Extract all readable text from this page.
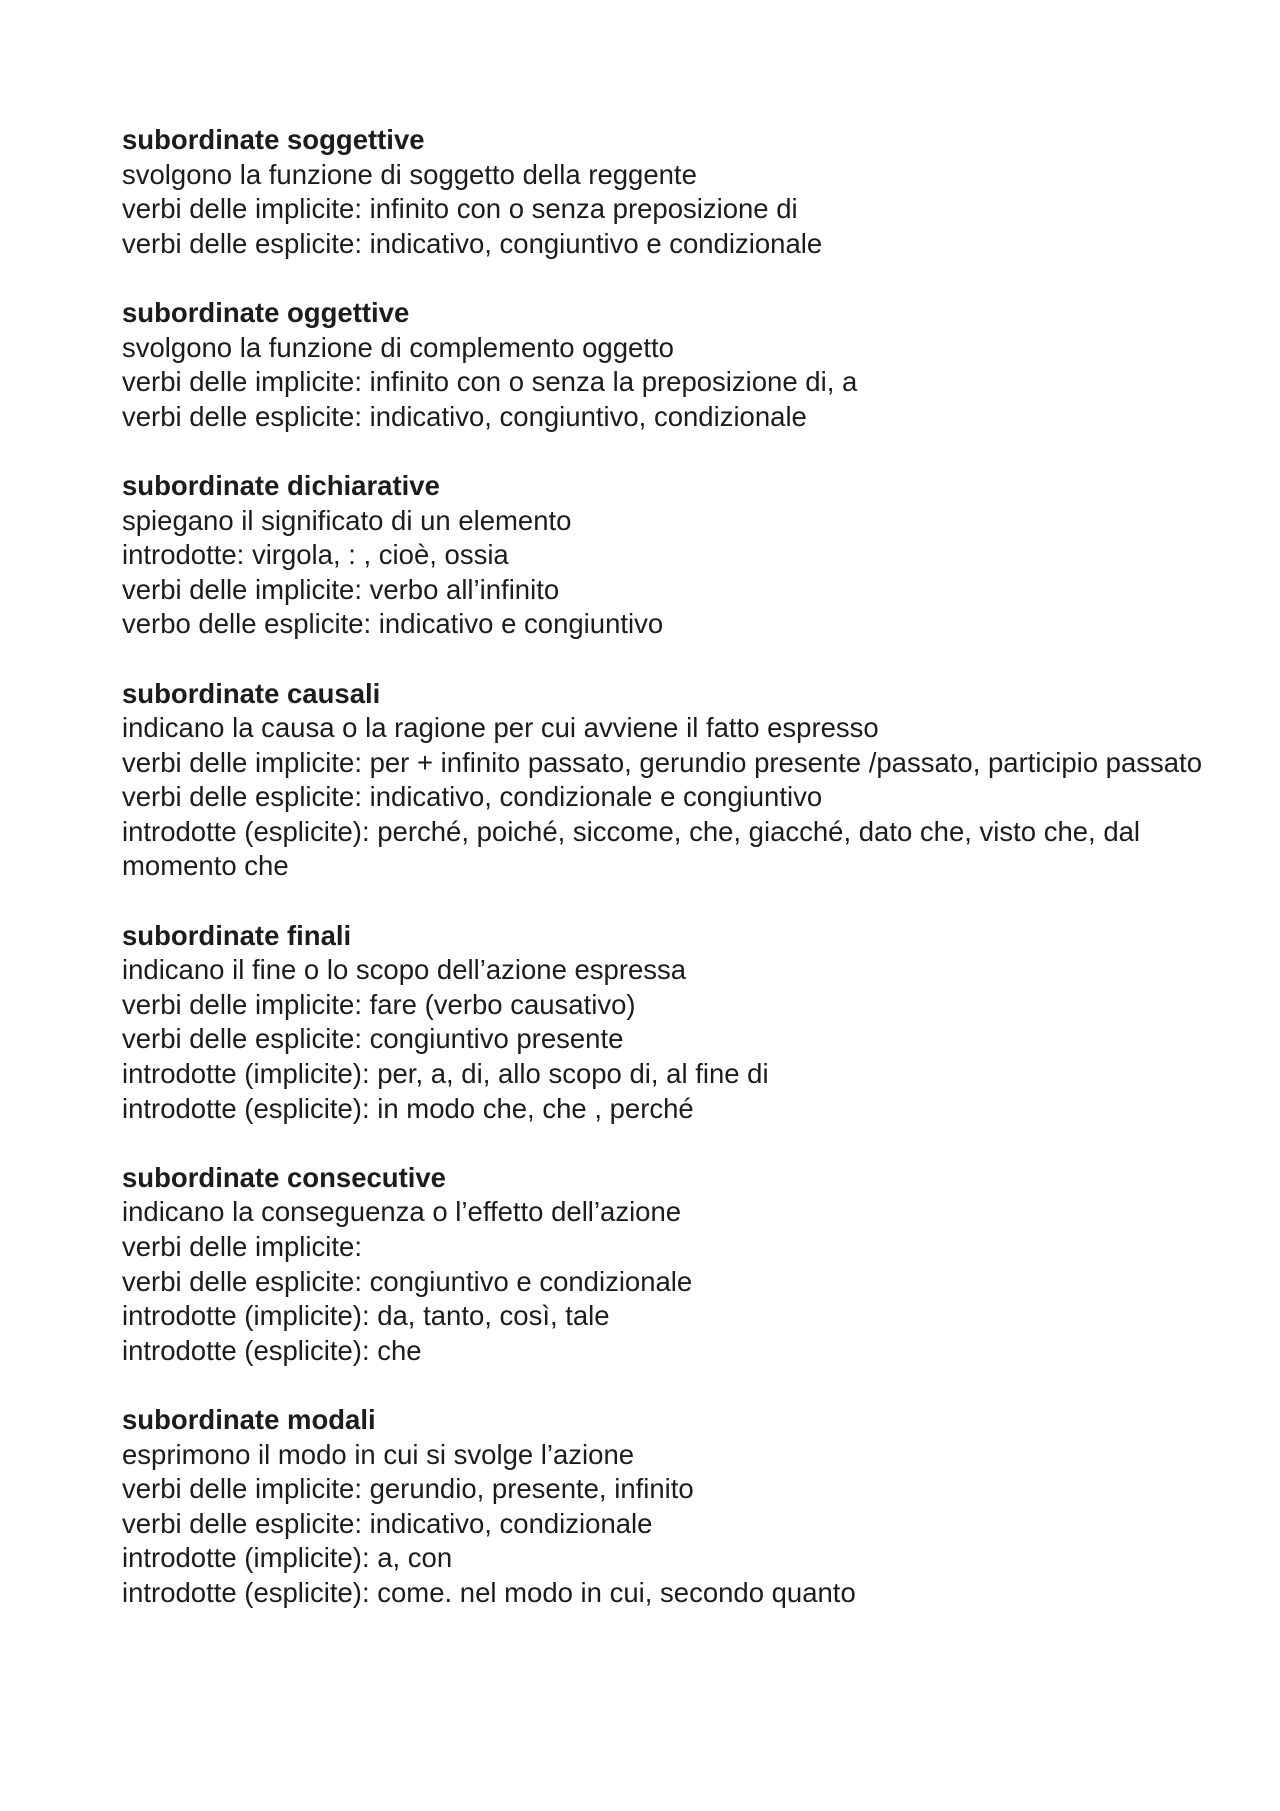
subordinate soggettive
svolgono la funzione di soggetto della reggente
verbi delle implicite: infinito con o senza preposizione di
verbi delle esplicite: indicativo, congiuntivo e condizionale
subordinate oggettive
svolgono la funzione di complemento oggetto
verbi delle implicite: infinito con o senza la preposizione di, a
verbi delle esplicite: indicativo, congiuntivo, condizionale
subordinate dichiarative
spiegano il significato di un elemento
introdotte: virgola, : , cioè, ossia
verbi delle implicite: verbo all’infinito
verbo delle esplicite: indicativo e congiuntivo
subordinate causali
indicano la causa o la ragione per cui avviene il fatto espresso
verbi delle implicite: per + infinito passato, gerundio presente /passato, participio passato
verbi delle esplicite: indicativo, condizionale e congiuntivo
introdotte (esplicite): perché, poiché, siccome, che, giacché, dato che, visto che, dal momento che
subordinate finali
indicano il fine o lo scopo dell’azione espressa
verbi delle implicite: fare (verbo causativo)
verbi delle esplicite: congiuntivo presente
introdotte (implicite): per, a, di, allo scopo di, al fine di
introdotte (esplicite): in modo che, che , perché
subordinate consecutive
indicano la conseguenza o l’effetto dell’azione
verbi delle implicite:
verbi delle esplicite: congiuntivo e condizionale
introdotte (implicite): da, tanto, così, tale
introdotte (esplicite): che
subordinate modali
esprimono il modo in cui si svolge l’azione
verbi delle implicite: gerundio, presente, infinito
verbi delle esplicite: indicativo, condizionale
introdotte (implicite): a, con
introdotte (esplicite): come. nel modo in cui, secondo quanto
